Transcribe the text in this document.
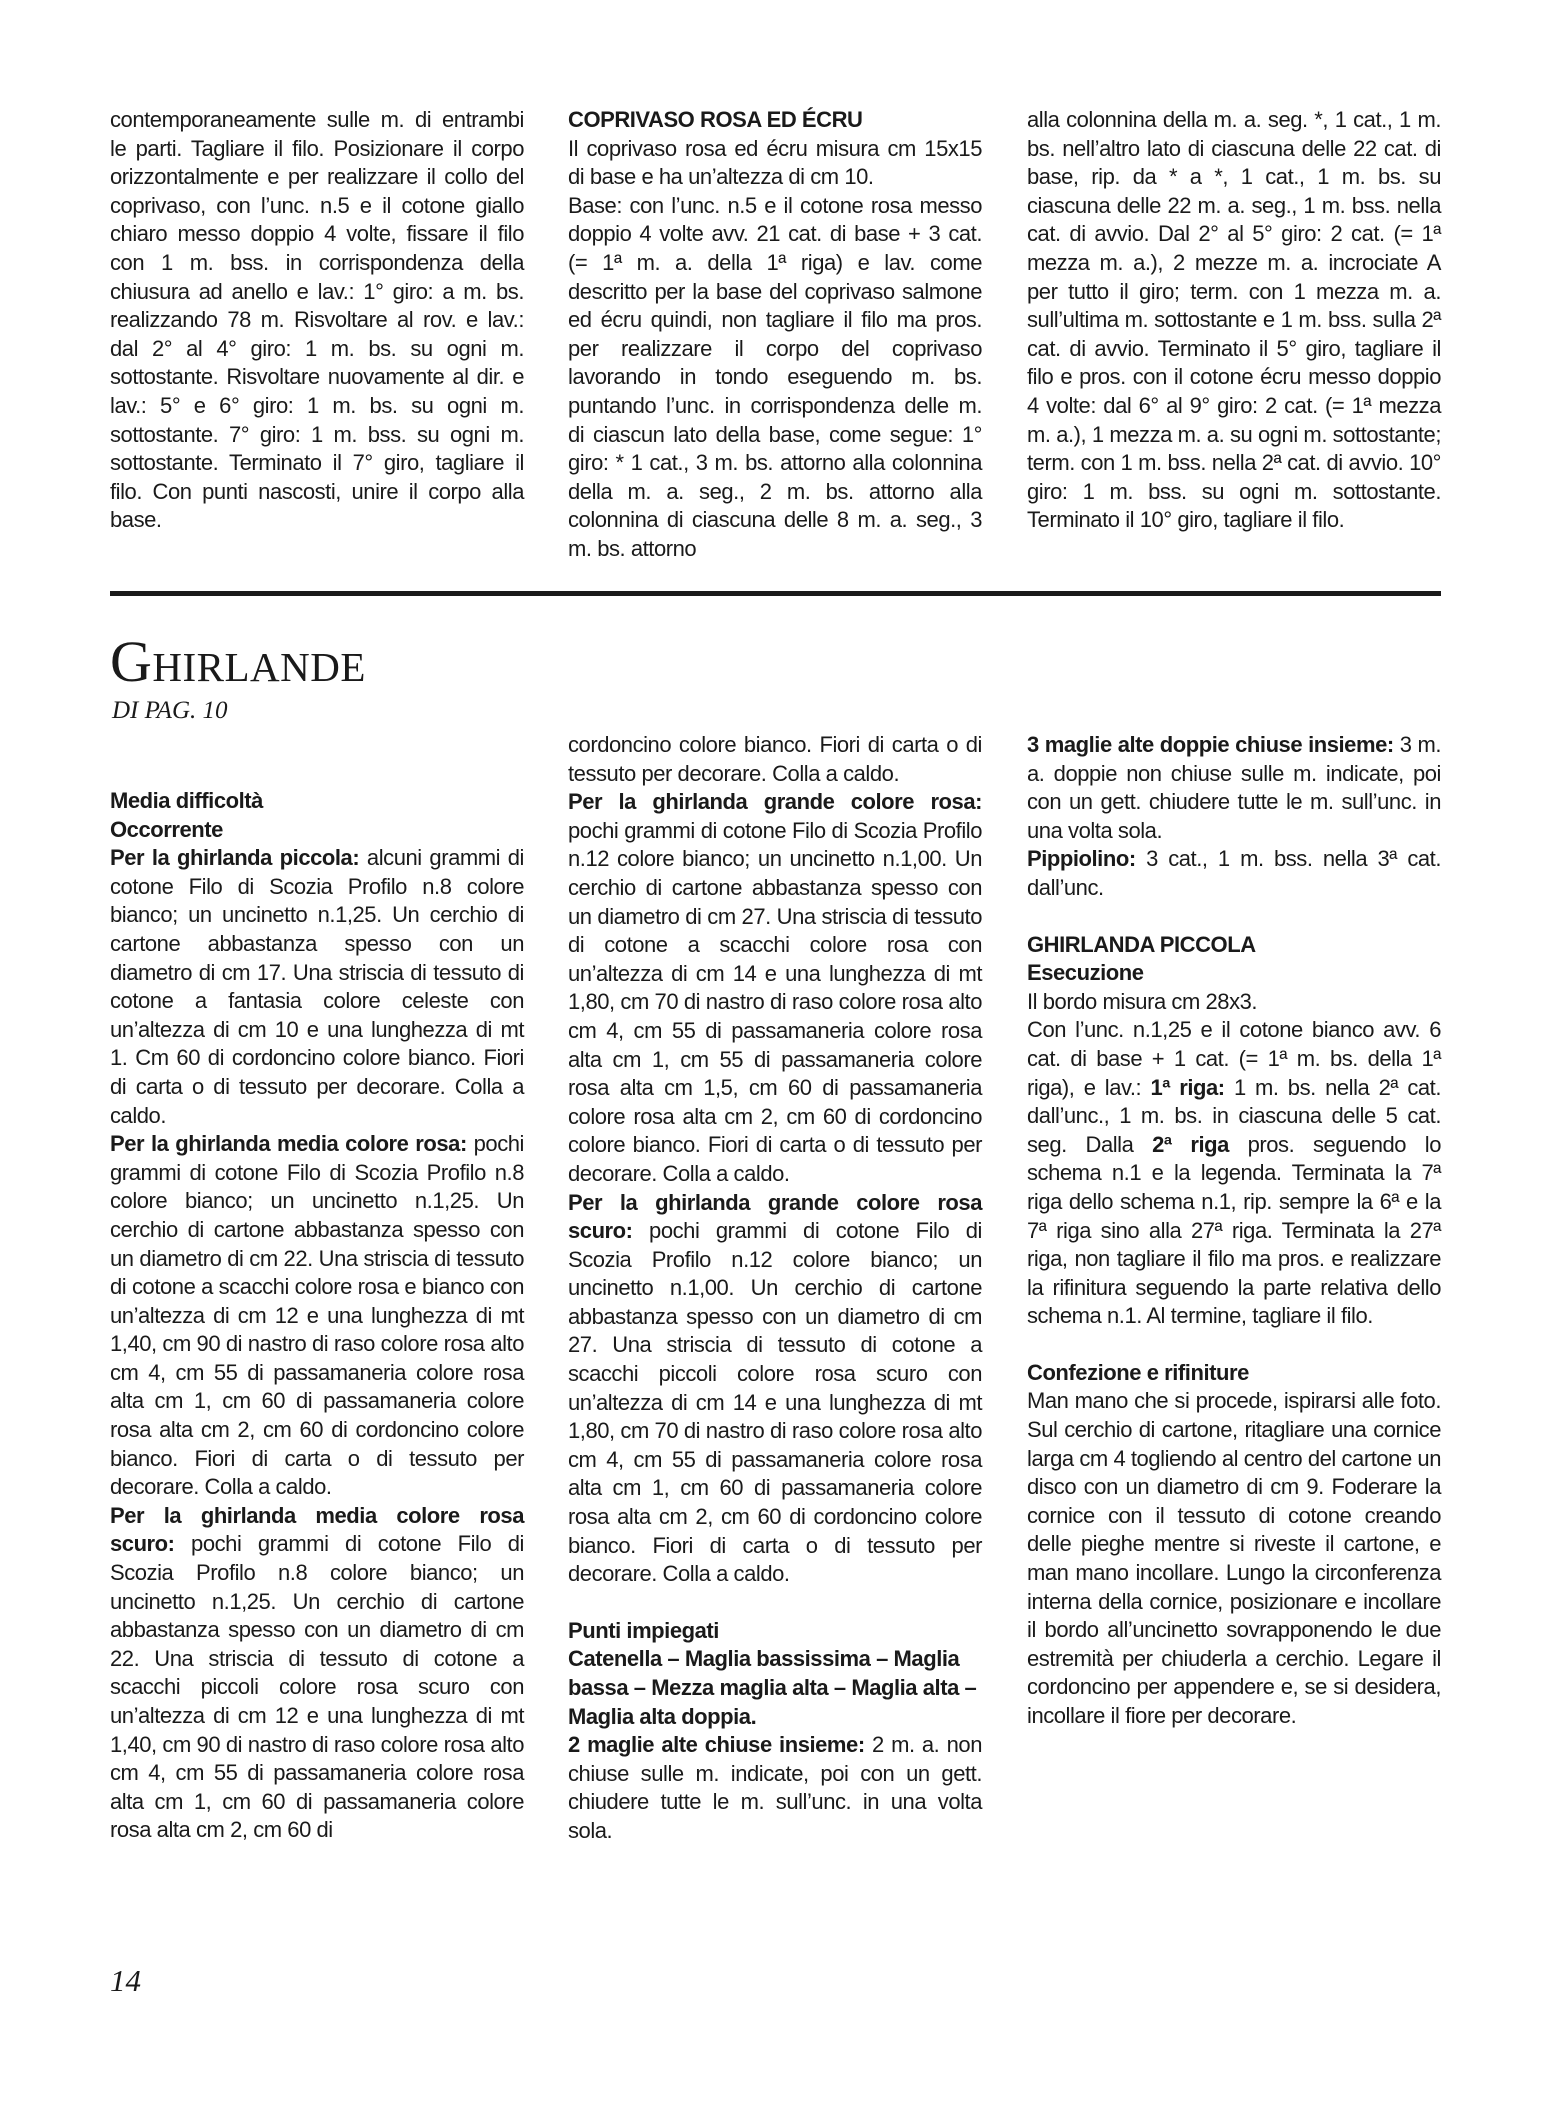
contemporaneamente sulle m. di entrambi le parti. Tagliare il filo. Posizionare il corpo orizzontalmente e per realizzare il collo del coprivaso, con l’unc. n.5 e il cotone giallo chiaro messo doppio 4 volte, fissare il filo con 1 m. bss. in corrispondenza della chiusura ad anello e lav.: 1° giro: a m. bs. realizzando 78 m. Risvoltare al rov. e lav.: dal 2° al 4° giro: 1 m. bs. su ogni m. sottostante. Risvoltare nuovamente al dir. e lav.: 5° e 6° giro: 1 m. bs. su ogni m. sottostante. 7° giro: 1 m. bss. su ogni m. sottostante. Terminato il 7° giro, tagliare il filo. Con punti nascosti, unire il corpo alla base.

COPRIVASO ROSA ED ÉCRU

Il coprivaso rosa ed écru misura cm 15x15 di base e ha un’altezza di cm 10.

Base: con l’unc. n.5 e il cotone rosa messo doppio 4 volte avv. 21 cat. di base + 3 cat. (= 1ª m. a. della 1ª riga) e lav. come descritto per la base del coprivaso salmone ed écru quindi, non tagliare il filo ma pros. per realizzare il corpo del coprivaso lavorando in tondo eseguendo m. bs. puntando l’unc. in corrispondenza delle m. di ciascun lato della base, come segue: 1° giro: * 1 cat., 3 m. bs. attorno alla colonnina della m. a. seg., 2 m. bs. attorno alla colonnina di ciascuna delle 8 m. a. seg., 3 m. bs. attorno

alla colonnina della m. a. seg. *, 1 cat., 1 m. bs. nell’altro lato di ciascuna delle 22 cat. di base, rip. da * a *, 1 cat., 1 m. bs. su ciascuna delle 22 m. a. seg., 1 m. bss. nella cat. di avvio. Dal 2° al 5° giro: 2 cat. (= 1ª mezza m. a.), 2 mezze m. a. incrociate A per tutto il giro; term. con 1 mezza m. a. sull’ultima m. sottostante e 1 m. bss. sulla 2ª cat. di avvio. Terminato il 5° giro, tagliare il filo e pros. con il cotone écru messo doppio 4 volte: dal 6° al 9° giro: 2 cat. (= 1ª mezza m. a.), 1 mezza m. a. su ogni m. sottostante; term. con 1 m. bss. nella 2ª cat. di avvio. 10° giro: 1 m. bss. su ogni m. sottostante. Terminato il 10° giro, tagliare il filo.

Ghirlande
DI PAG. 10

Media difficoltà

Occorrente

Per la ghirlanda piccola: alcuni grammi di cotone Filo di Scozia Profilo n.8 colore bianco; un uncinetto n.1,25. Un cerchio di cartone abbastanza spesso con un diametro di cm 17. Una striscia di tessuto di cotone a fantasia colore celeste con un’altezza di cm 10 e una lunghezza di mt 1. Cm 60 di cordoncino colore bianco. Fiori di carta o di tessuto per decorare. Colla a caldo.

Per la ghirlanda media colore rosa: pochi grammi di cotone Filo di Scozia Profilo n.8 colore bianco; un uncinetto n.1,25. Un cerchio di cartone abbastanza spesso con un diametro di cm 22. Una striscia di tessuto di cotone a scacchi colore rosa e bianco con un’altezza di cm 12 e una lunghezza di mt 1,40, cm 90 di nastro di raso colore rosa alto cm 4, cm 55 di passamaneria colore rosa alta cm 1, cm 60 di passamaneria colore rosa alta cm 2, cm 60 di cordoncino colore bianco. Fiori di carta o di tessuto per decorare. Colla a caldo.

Per la ghirlanda media colore rosa scuro: pochi grammi di cotone Filo di Scozia Profilo n.8 colore bianco; un uncinetto n.1,25. Un cerchio di cartone abbastanza spesso con un diametro di cm 22. Una striscia di tessuto di cotone a scacchi piccoli colore rosa scuro con un’altezza di cm 12 e una lunghezza di mt 1,40, cm 90 di nastro di raso colore rosa alto cm 4, cm 55 di passamaneria colore rosa alta cm 1, cm 60 di passamaneria colore rosa alta cm 2, cm 60 di

cordoncino colore bianco. Fiori di carta o di tessuto per decorare. Colla a caldo.

Per la ghirlanda grande colore rosa: pochi grammi di cotone Filo di Scozia Profilo n.12 colore bianco; un uncinetto n.1,00. Un cerchio di cartone abbastanza spesso con un diametro di cm 27. Una striscia di tessuto di cotone a scacchi colore rosa con un’altezza di cm 14 e una lunghezza di mt 1,80, cm 70 di nastro di raso colore rosa alto cm 4, cm 55 di passamaneria colore rosa alta cm 1, cm 55 di passamaneria colore rosa alta cm 1,5, cm 60 di passamaneria colore rosa alta cm 2, cm 60 di cordoncino colore bianco. Fiori di carta o di tessuto per decorare. Colla a caldo.

Per la ghirlanda grande colore rosa scuro: pochi grammi di cotone Filo di Scozia Profilo n.12 colore bianco; un uncinetto n.1,00. Un cerchio di cartone abbastanza spesso con un diametro di cm 27. Una striscia di tessuto di cotone a scacchi piccoli colore rosa scuro con un’altezza di cm 14 e una lunghezza di mt 1,80, cm 70 di nastro di raso colore rosa alto cm 4, cm 55 di passamaneria colore rosa alta cm 1, cm 60 di passamaneria colore rosa alta cm 2, cm 60 di cordoncino colore bianco. Fiori di carta o di tessuto per decorare. Colla a caldo.

Punti impiegati

Catenella – Maglia bassissima – Maglia bassa – Mezza maglia alta – Maglia alta – Maglia alta doppia.

2 maglie alte chiuse insieme: 2 m. a. non chiuse sulle m. indicate, poi con un gett. chiudere tutte le m. sull’unc. in una volta sola.

3 maglie alte doppie chiuse insieme: 3 m. a. doppie non chiuse sulle m. indicate, poi con un gett. chiudere tutte le m. sull’unc. in una volta sola.

Pippiolino: 3 cat., 1 m. bss. nella 3ª cat. dall’unc.

GHIRLANDA PICCOLA

Esecuzione

Il bordo misura cm 28x3.

Con l’unc. n.1,25 e il cotone bianco avv. 6 cat. di base + 1 cat. (= 1ª m. bs. della 1ª riga), e lav.: 1ª riga: 1 m. bs. nella 2ª cat. dall’unc., 1 m. bs. in ciascuna delle 5 cat. seg. Dalla 2ª riga pros. seguendo lo schema n.1 e la legenda. Terminata la 7ª riga dello schema n.1, rip. sempre la 6ª e la 7ª riga sino alla 27ª riga. Terminata la 27ª riga, non tagliare il filo ma pros. e realizzare la rifinitura seguendo la parte relativa dello schema n.1. Al termine, tagliare il filo.

Confezione e rifiniture

Man mano che si procede, ispirarsi alle foto. Sul cerchio di cartone, ritagliare una cornice larga cm 4 togliendo al centro del cartone un disco con un diametro di cm 9. Foderare la cornice con il tessuto di cotone creando delle pieghe mentre si riveste il cartone, e man mano incollare. Lungo la circonferenza interna della cornice, posizionare e incollare il bordo all’uncinetto sovrapponendo le due estremità per chiuderla a cerchio. Legare il cordoncino per appendere e, se si desidera, incollare il fiore per decorare.

14
